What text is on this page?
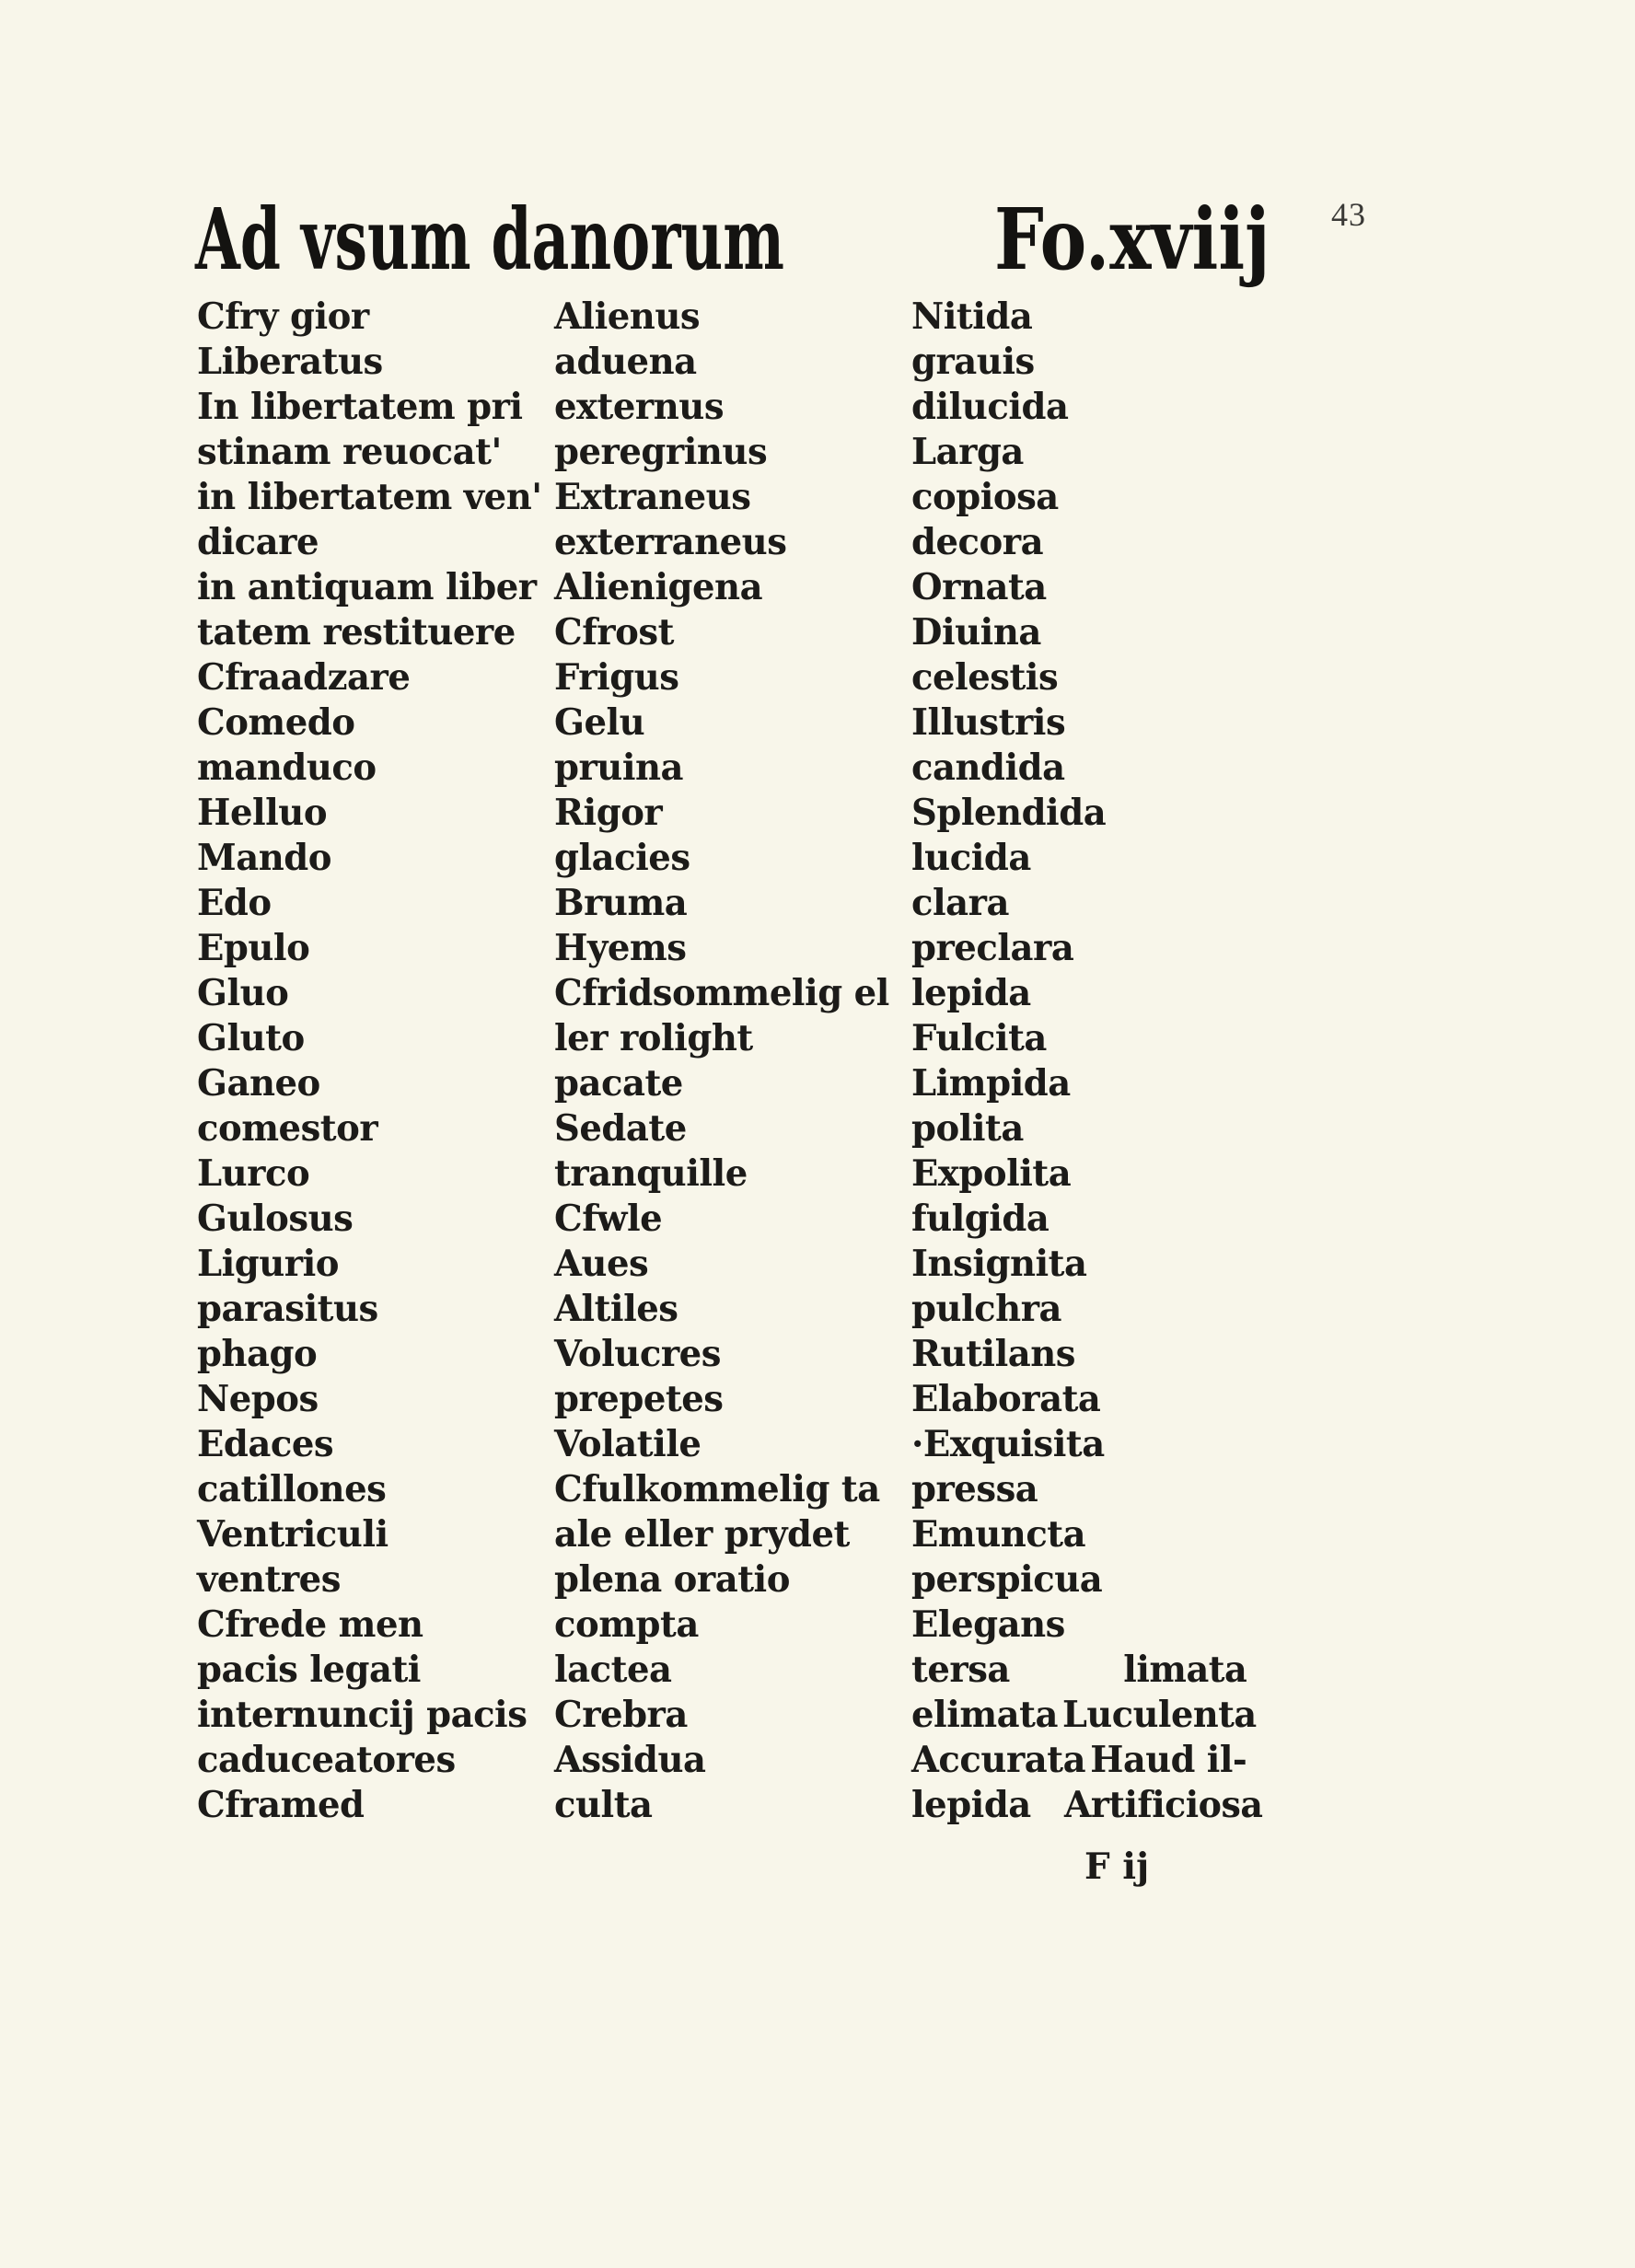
43
Ad vsum danorum Fo.xviij
Cfry gior
Liberatus
In libertatem pri
stinam reuocat'
in libertatem ven'
dicare
in antiquam liber
tatem restituere
Cfraadzare
Comedo
manduco
Helluo
Mando
Edo
Epulo
Gluo
Gluto
Ganeo
comestor
Lurco
Gulosus
Ligurio
parasitus
phago
Nepos
Edaces
catillones
Ventriculi
ventres
Cfrede men
pacis legati
internuncij pacis
caduceatores
Cframed
Alienus
aduena
externus
peregrinus
Extraneus
exterraneus
Alienigena
Cfrost
Frigus
Gelu
pruina
Rigor
glacies
Bruma
Hyems
Cfridsommelig el
ler rolight
pacate
Sedate
tranquille
Cfwle
Aues
Altiles
Volucres
prepetes
Volatile
Cfulkommelig ta
ale eller prydet
plena oratio
compta
lactea
Crebra
Assidua
culta
Nitida
grauis
dilucida
Larga
copiosa
decora
Ornata
Diuina
celestis
Illustris
candida
Splendida
lucida
clara
preclara
lepida
Fulcita
Limpida
polita
Expolita
fulgida
Insignita
pulchra
Rutilans
Elaborata
·Exquisita
pressa
Emuncta
perspicua
Elegans
tersa
elimata
Accurata
lepida
limata
Luculenta
Haud il-
Artificiosa
F ij
